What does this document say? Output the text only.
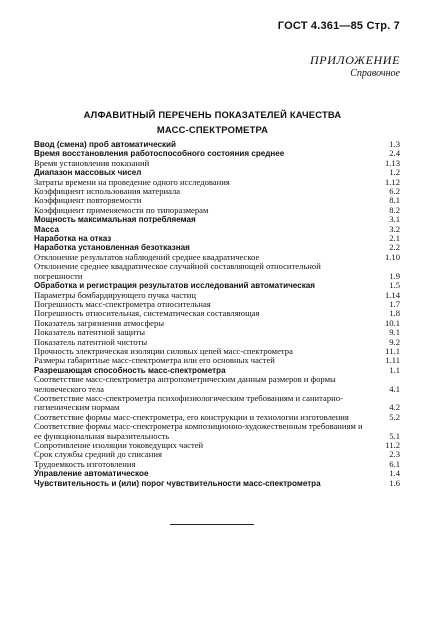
ГОСТ 4.361—85 Стр. 7
ПРИЛОЖЕНИЕ
Справочное
АЛФАВИТНЫЙ ПЕРЕЧЕНЬ ПОКАЗАТЕЛЕЙ КАЧЕСТВА
МАСС-СПЕКТРОМЕТРА
Ввод (смена) проб автоматический	1.3
Время восстановления работоспособного состояния среднее	2.4
Время установления показаний	1.13
Диапазон массовых чисел	1.2
Затраты времени на проведение одного исследования	1.12
Коэффициент использования материала	6.2
Коэффициент повторяемости	8.1
Коэффициент применяемости по типоразмерам	8.2
Мощность максимальная потребляемая	3.1
Масса	3.2
Наработка на отказ	2.1
Наработка установленная безотказная	2.2
Отклонение результатов наблюдений среднее квадратическое	1.10
Отклонение среднее квадратическое случайной составляющей относительной погрешности	1.9
Обработка и регистрация результатов исследований автоматическая	1.5
Параметры бомбардирующего пучка частиц	1.14
Погрешность масс-спектрометра относительная	1.7
Погрешность относительная, систематическая составляющая	1.8
Показатель загрязнения атмосферы	10.1
Показатель патентной защиты	9.1
Показатель патентной чистоты	9.2
Прочность электрическая изоляции силовых цепей масс-спектрометра	11.1
Размеры габаритные масс-спектрометра или его основных частей	1.11
Разрешающая способность масс-спектрометра	1.1
Соответствие масс-спектрометра антропометрическим данным размеров и формы человеческого тела	4.1
Соответствие масс-спектрометра психофизиологическим требованиям и санитарно-гигиеническим нормам	4.2
Соответствие формы масс-спектрометра, его конструкции и технологии изготовления	5.2
Соответствие формы масс-спектрометра композиционно-художественным требованиям и ее функциональная выразительность	5.1
Сопротивление изоляции токоведущих частей	11.2
Срок службы средний до списания	2.3
Трудоемкость изготовления	6.1
Управление автоматическое	1.4
Чувствительность и (или) порог чувствительности масс-спектрометра	1.6
